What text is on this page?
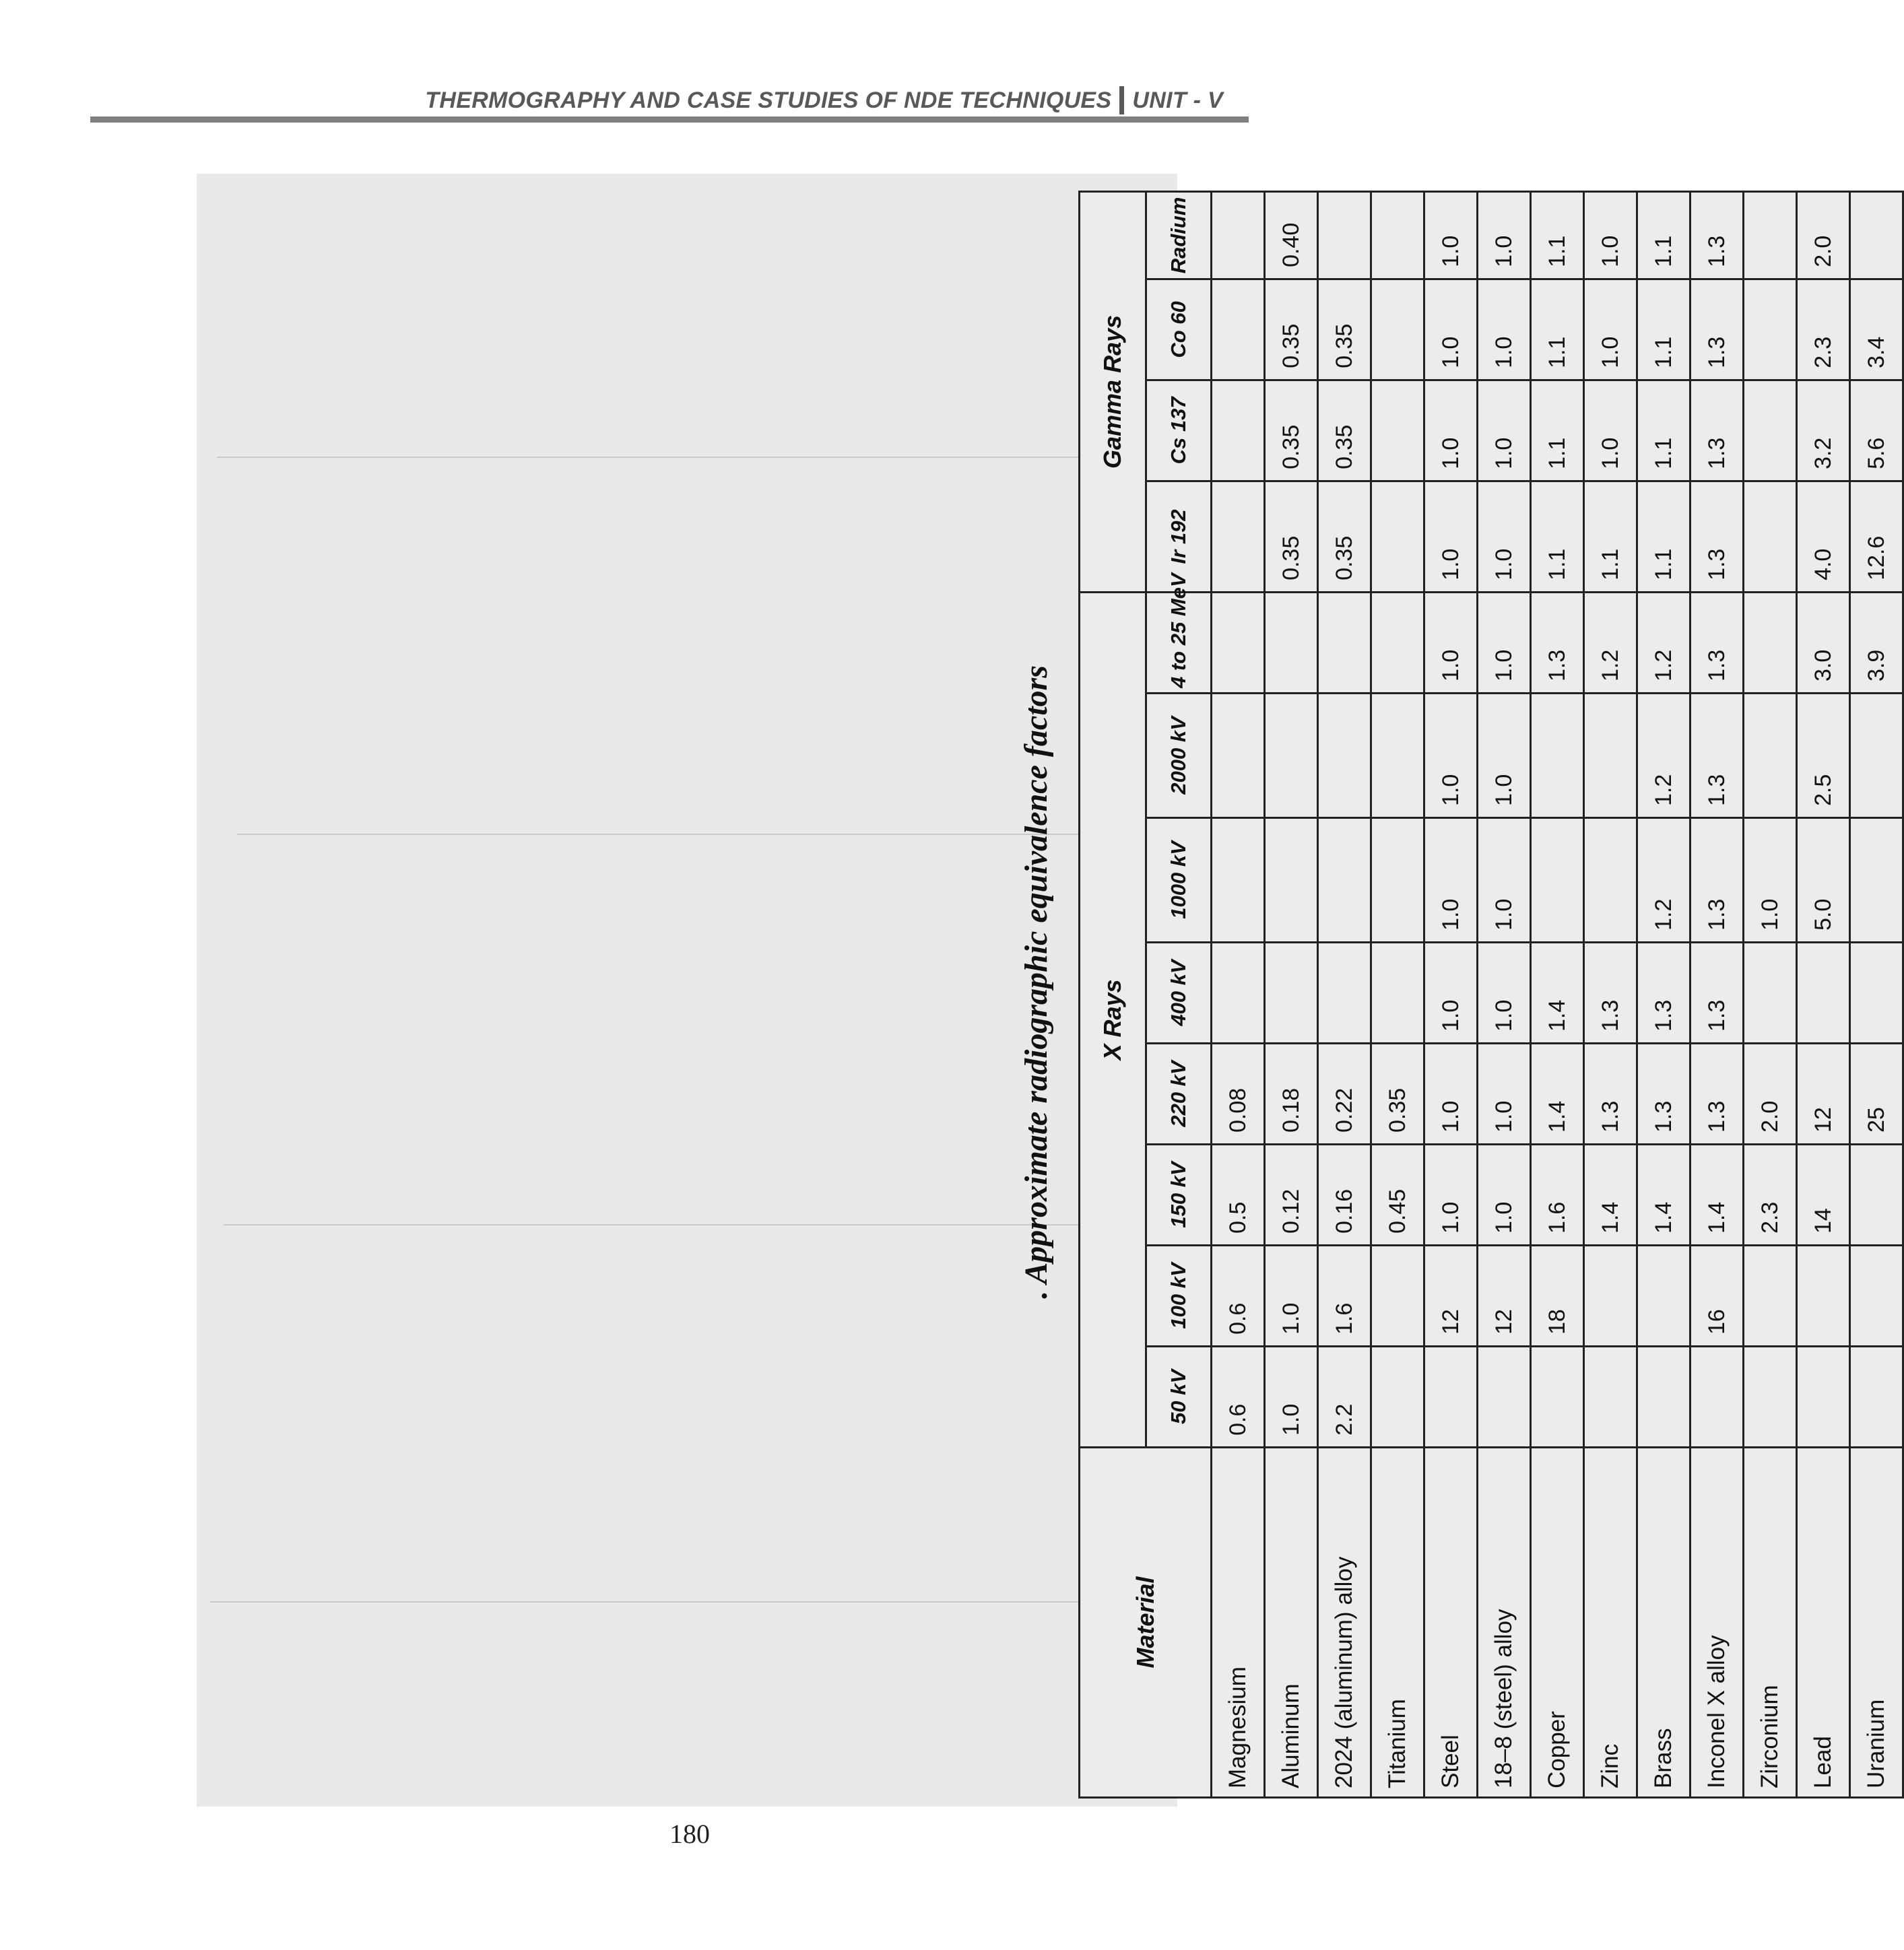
THERMOGRAPHY AND CASE STUDIES OF NDE TECHNIQUES UNIT - V
. Approximate radiographic equivalence factors
Material	X Rays								Gamma Rays			
	50 kV	100 kV	150 kV	220 kV	400 kV	1000 kV	2000 kV	4 to 25 MeV	Ir 192	Cs 137	Co 60	Radium
Magnesium	0.6	0.6	0.5	0.08								
Aluminum	1.0	1.0	0.12	0.18					0.35	0.35	0.35	0.40
2024 (aluminum) alloy	2.2	1.6	0.16	0.22					0.35	0.35	0.35	
Titanium			0.45	0.35								
Steel		12	1.0	1.0	1.0	1.0	1.0	1.0	1.0	1.0	1.0	1.0
18–8 (steel) alloy		12	1.0	1.0	1.0	1.0	1.0	1.0	1.0	1.0	1.0	1.0
Copper		18	1.6	1.4	1.4			1.3	1.1	1.1	1.1	1.1
Zinc			1.4	1.3	1.3			1.2	1.1	1.0	1.0	1.0
Brass			1.4	1.3	1.3	1.2	1.2	1.2	1.1	1.1	1.1	1.1
Inconel X alloy		16	1.4	1.3	1.3	1.3	1.3	1.3	1.3	1.3	1.3	1.3
Zirconium			2.3	2.0		1.0						
Lead			14	12		5.0	2.5	3.0	4.0	3.2	2.3	2.0
Uranium				25				3.9	12.6	5.6	3.4	
180
